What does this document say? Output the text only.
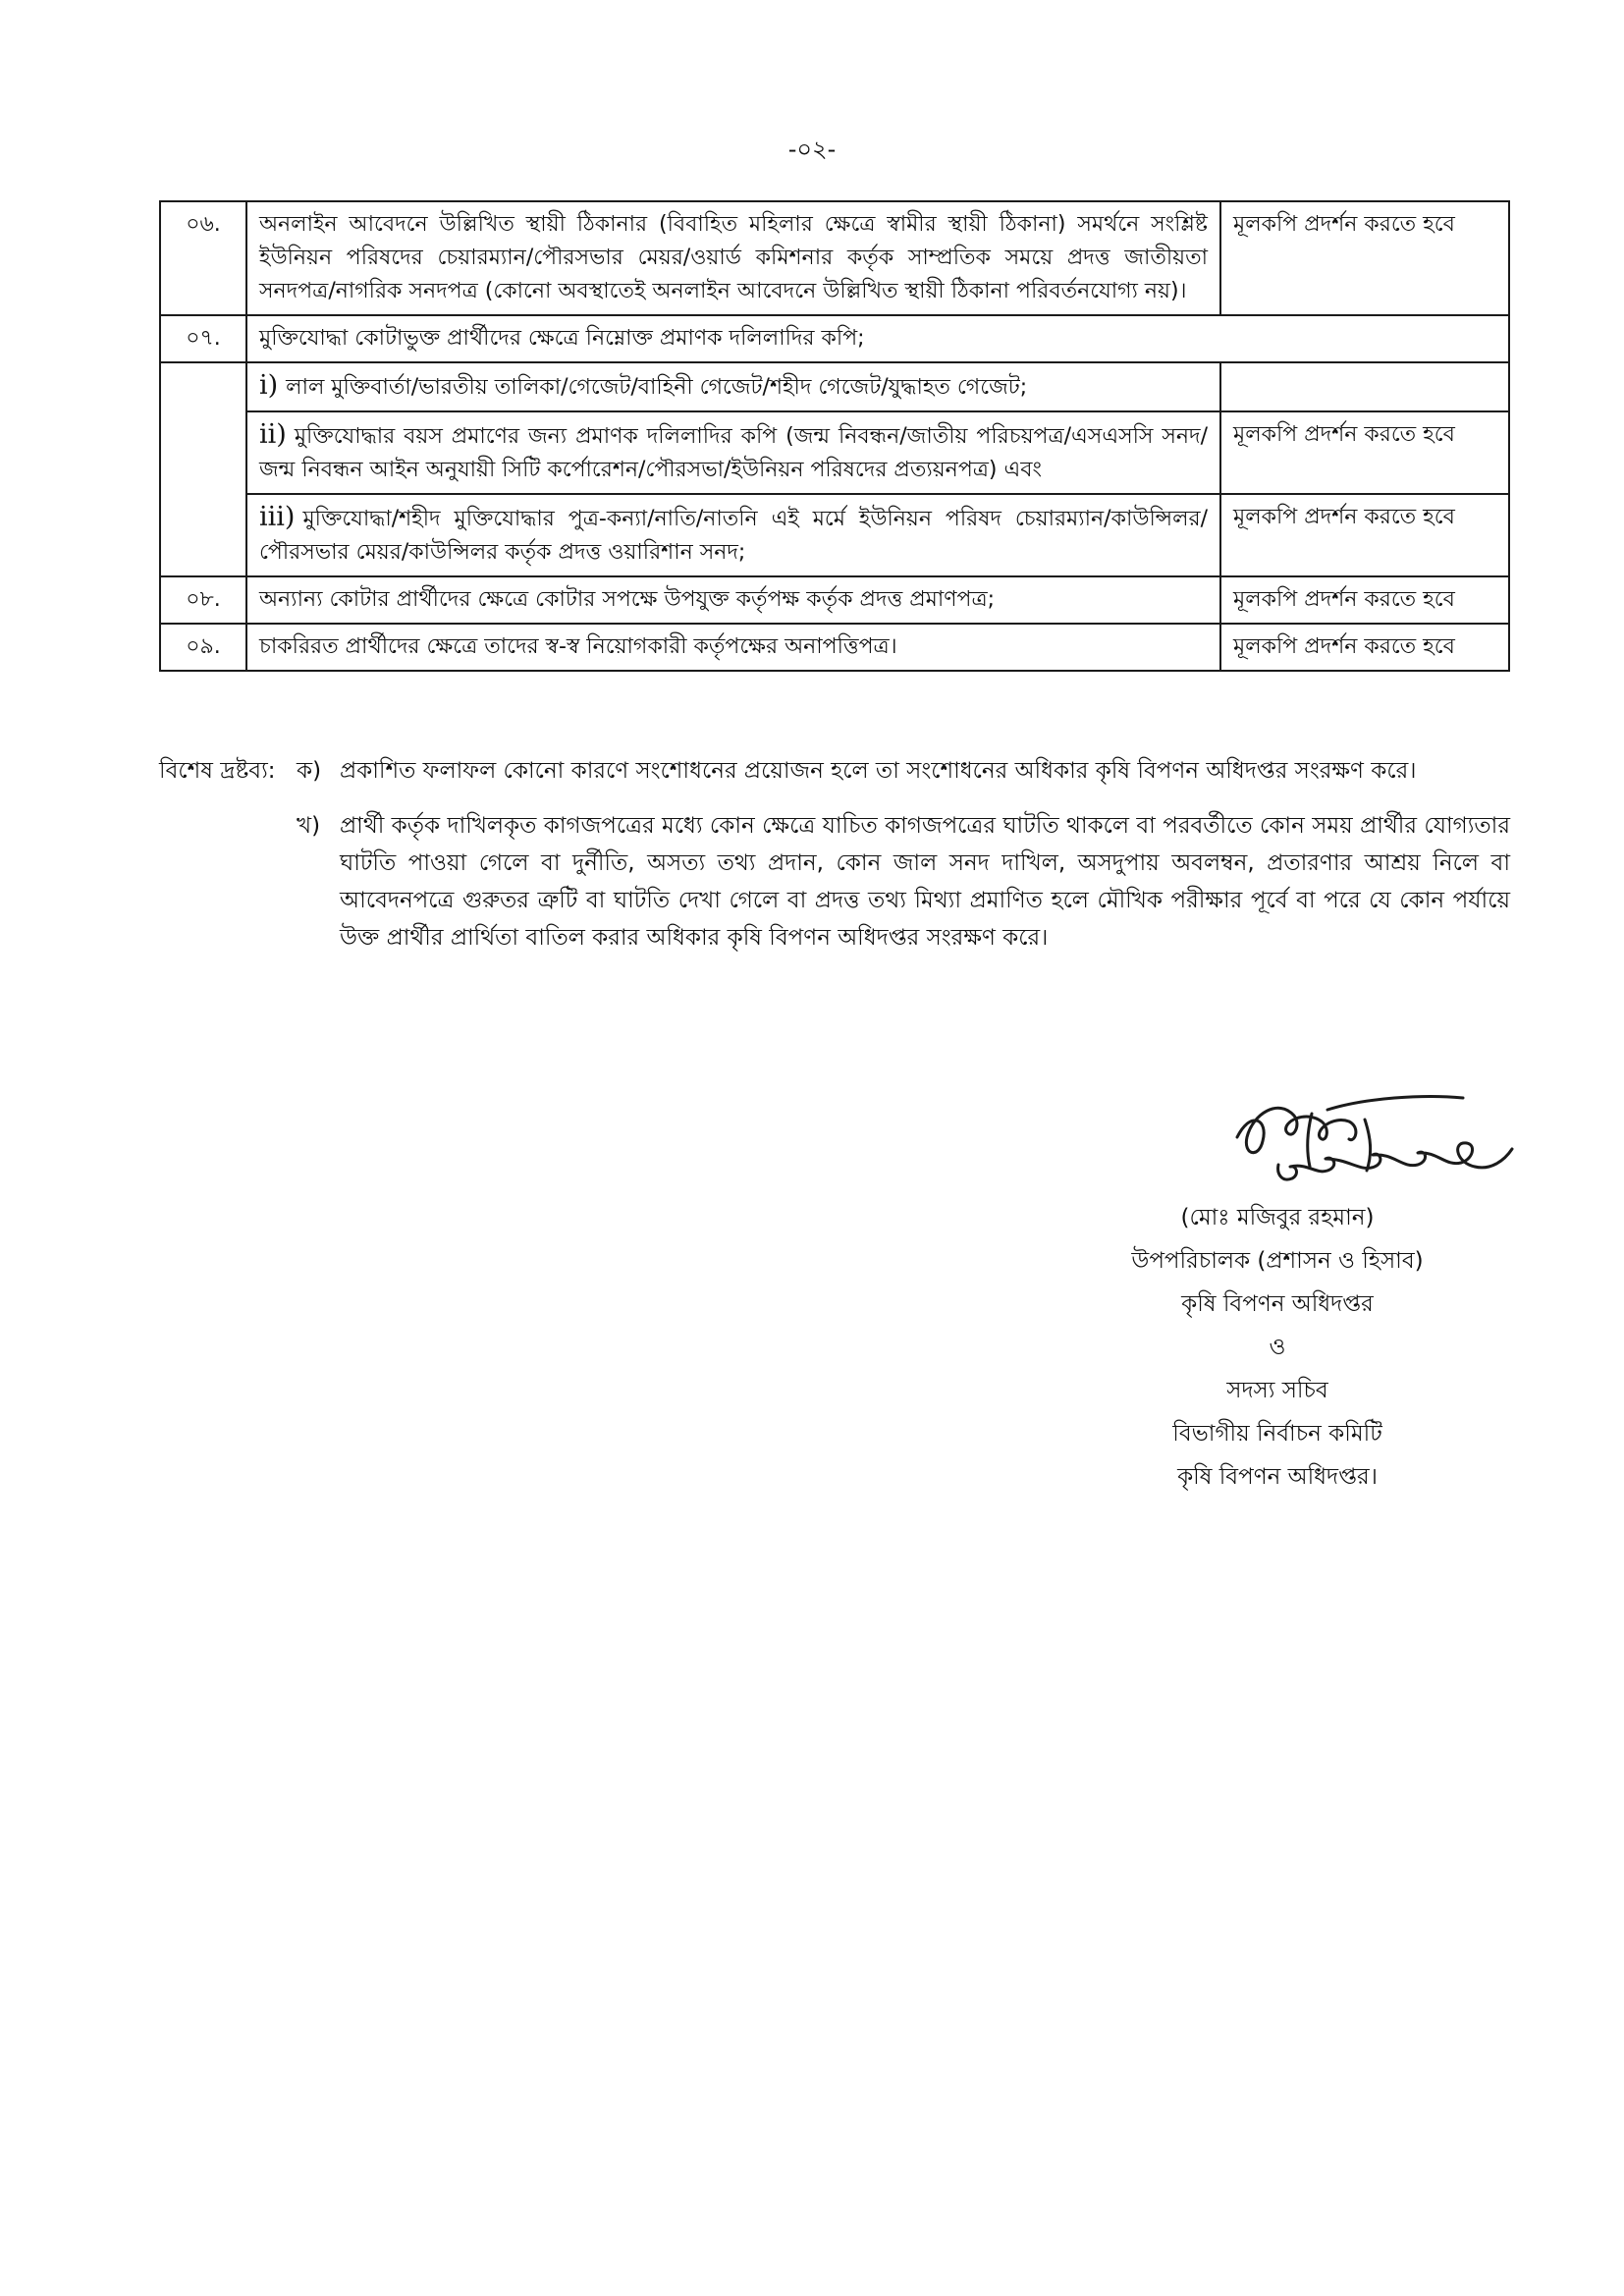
-০২-
০৬.	অনলাইন আবেদনে উল্লিখিত স্থায়ী ঠিকানার (বিবাহিত মহিলার ক্ষেত্রে স্বামীর স্থায়ী ঠিকানা) সমর্থনে সংশ্লিষ্ট ইউনিয়ন পরিষদের চেয়ারম্যান/পৌরসভার মেয়র/ওয়ার্ড কমিশনার কর্তৃক সাম্প্রতিক সময়ে প্রদত্ত জাতীয়তা সনদপত্র/নাগরিক সনদপত্র (কোনো অবস্থাতেই অনলাইন আবেদনে উল্লিখিত স্থায়ী ঠিকানা পরিবর্তনযোগ্য নয়)।	মূলকপি প্রদর্শন করতে হবে
০৭.	মুক্তিযোদ্ধা কোটাভুক্ত প্রার্থীদের ক্ষেত্রে নিম্নোক্ত প্রমাণক দলিলাদির কপি;	
	i) লাল মুক্তিবার্তা/ভারতীয় তালিকা/গেজেট/বাহিনী গেজেট/শহীদ গেজেট/যুদ্ধাহত গেজেট;	
	ii) মুক্তিযোদ্ধার বয়স প্রমাণের জন্য প্রমাণক দলিলাদির কপি (জন্ম নিবন্ধন/জাতীয় পরিচয়পত্র/এসএসসি সনদ/জন্ম নিবন্ধন আইন অনুযায়ী সিটি কর্পোরেশন/পৌরসভা/ইউনিয়ন পরিষদের প্রত্যয়নপত্র) এবং	মূলকপি প্রদর্শন করতে হবে
	iii) মুক্তিযোদ্ধা/শহীদ মুক্তিযোদ্ধার পুত্র-কন্যা/নাতি/নাতনি এই মর্মে ইউনিয়ন পরিষদ চেয়ারম্যান/কাউন্সিলর/পৌরসভার মেয়র/কাউন্সিলর কর্তৃক প্রদত্ত ওয়ারিশান সনদ;	মূলকপি প্রদর্শন করতে হবে
০৮.	অন্যান্য কোটার প্রার্থীদের ক্ষেত্রে কোটার সপক্ষে উপযুক্ত কর্তৃপক্ষ কর্তৃক প্রদত্ত প্রমাণপত্র;	মূলকপি প্রদর্শন করতে হবে
০৯.	চাকরিরত প্রার্থীদের ক্ষেত্রে তাদের স্ব-স্ব নিয়োগকারী কর্তৃপক্ষের অনাপত্তিপত্র।	মূলকপি প্রদর্শন করতে হবে
বিশেষ দ্রষ্টব্য: ক) প্রকাশিত ফলাফল কোনো কারণে সংশোধনের প্রয়োজন হলে তা সংশোধনের অধিকার কৃষি বিপণন অধিদপ্তর সংরক্ষণ করে।
খ) প্রার্থী কর্তৃক দাখিলকৃত কাগজপত্রের মধ্যে কোন ক্ষেত্রে যাচিত কাগজপত্রের ঘাটতি থাকলে বা পরবর্তীতে কোন সময় প্রার্থীর যোগ্যতার ঘাটতি পাওয়া গেলে বা দুর্নীতি, অসত্য তথ্য প্রদান, কোন জাল সনদ দাখিল, অসদুপায় অবলম্বন, প্রতারণার আশ্রয় নিলে বা আবেদনপত্রে গুরুতর ত্রুটি বা ঘাটতি দেখা গেলে বা প্রদত্ত তথ্য মিথ্যা প্রমাণিত হলে মৌখিক পরীক্ষার পূর্বে বা পরে যে কোন পর্যায়ে উক্ত প্রার্থীর প্রার্থিতা বাতিল করার অধিকার কৃষি বিপণন অধিদপ্তর সংরক্ষণ করে।
(মোঃ মজিবুর রহমান)
উপপরিচালক (প্রশাসন ও হিসাব)
কৃষি বিপণন অধিদপ্তর
ও
সদস্য সচিব
বিভাগীয় নির্বাচন কমিটি
কৃষি বিপণন অধিদপ্তর।
